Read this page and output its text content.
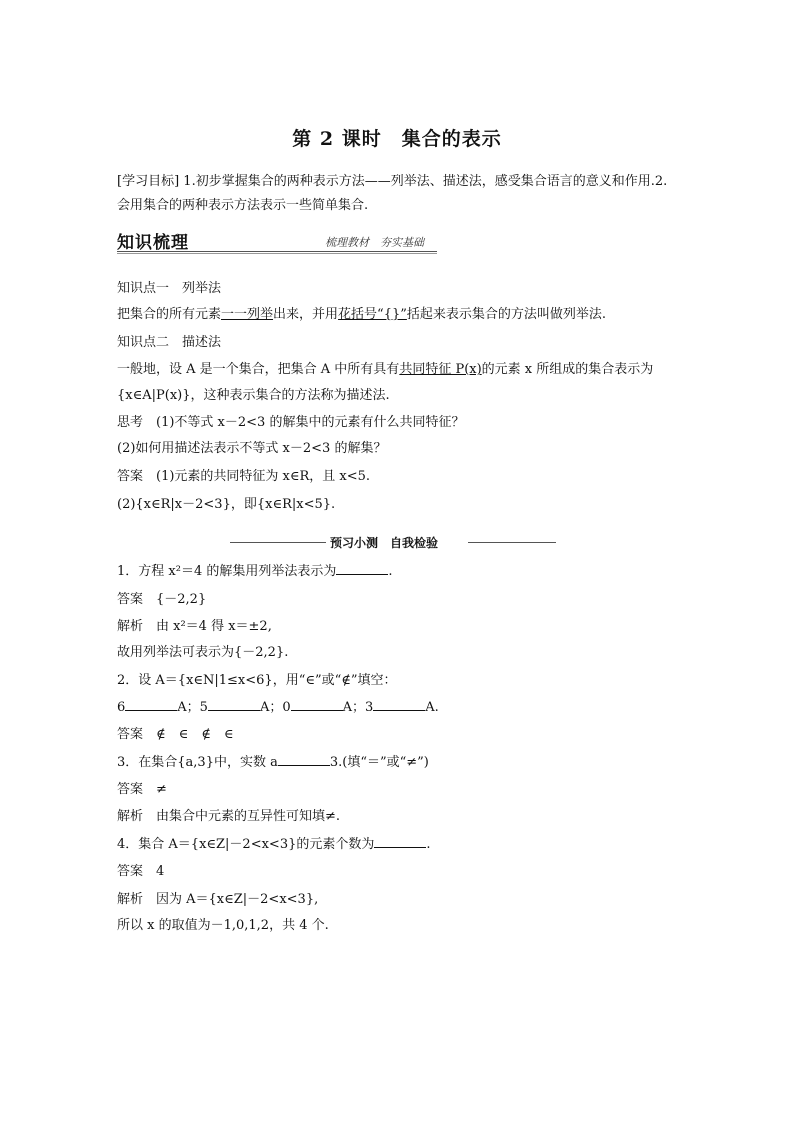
第 2 课时　集合的表示
[学习目标] 1.初步掌握集合的两种表示方法——列举法、描述法，感受集合语言的意义和作用.2.会用集合的两种表示方法表示一些简单集合.
知识梳理	梳理教材　夯实基础
知识点一　列举法
把集合的所有元素一一列举出来，并用花括号“{}”括起来表示集合的方法叫做列举法.
知识点二　描述法
一般地，设 A 是一个集合，把集合 A 中所有具有共同特征 P(x)的元素 x 所组成的集合表示为
{x∈A|P(x)}，这种表示集合的方法称为描述法.
思考　(1)不等式 x－2<3 的解集中的元素有什么共同特征？
(2)如何用描述法表示不等式 x－2<3 的解集？
答案　(1)元素的共同特征为 x∈R，且 x<5.
(2){x∈R|x－2<3}，即{x∈R|x<5}.
预习小测　自我检验
1．方程 x²＝4 的解集用列举法表示为	.
答案　{－2,2}
解析　由 x²＝4 得 x＝±2,
故用列举法可表示为{－2,2}.
2．设 A＝{x∈N|1≤x<6}，用“∈”或“∉”填空：
6	A；5	A；0	A；3	A.
答案　∉　∈　∉　∈
3．在集合{a,3}中，实数 a	3.(填“＝”或“≠”)
答案　≠
解析　由集合中元素的互异性可知填≠.
4．集合 A＝{x∈Z|－2<x<3}的元素个数为	.
答案　4
解析　因为 A＝{x∈Z|－2<x<3},
所以 x 的取值为－1,0,1,2，共 4 个.
